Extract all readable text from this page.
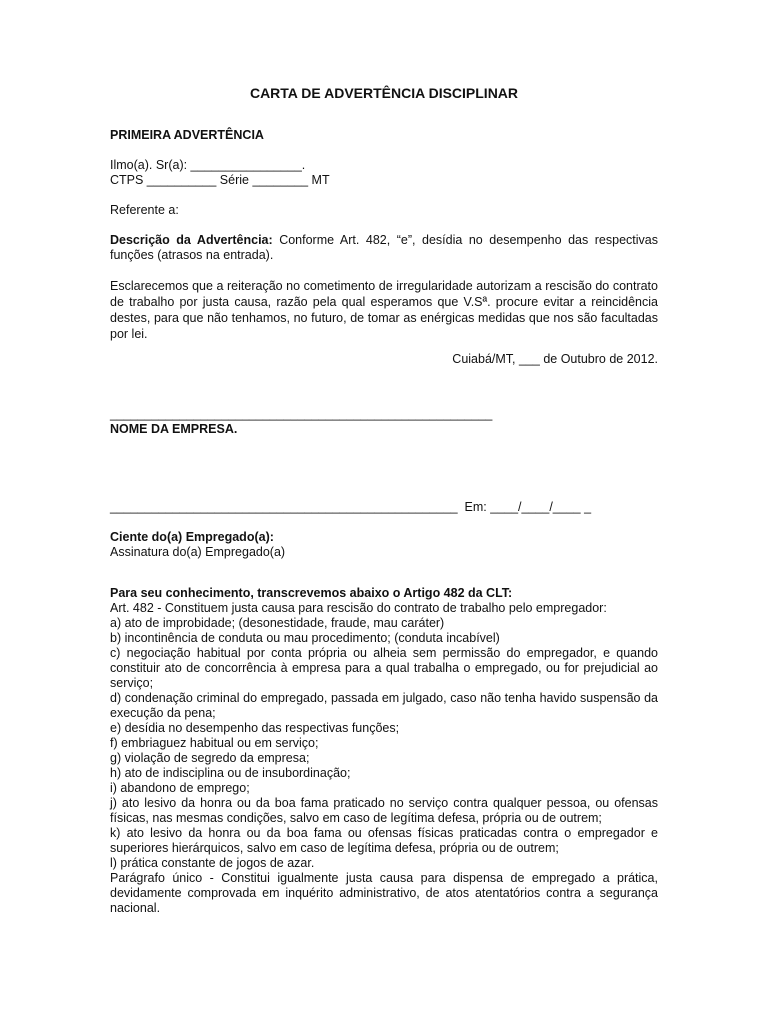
CARTA DE ADVERTÊNCIA DISCIPLINAR

PRIMEIRA ADVERTÊNCIA

Ilmo(a). Sr(a): ________________.

CTPS __________ Série ________ MT

Referente a:

Descrição da Advertência: Conforme Art. 482, “e”, desídia no desempenho das respectivas funções (atrasos na entrada).

Esclarecemos que a reiteração no cometimento de irregularidade autorizam a rescisão do contrato de trabalho por justa causa, razão pela qual esperamos que V.Sª. procure evitar a reincidência destes, para que não tenhamos, no futuro, de tomar as enérgicas medidas que nos são facultadas por lei.

Cuiabá/MT, ___ de Outubro de 2012.

_______________________________________________________

NOME DA EMPRESA.

__________________________________________________  Em: ____/____/____ _

Ciente do(a) Empregado(a):

Assinatura do(a) Empregado(a)

Para seu conhecimento, transcrevemos abaixo o Artigo 482 da CLT:

Art. 482 - Constituem justa causa para rescisão do contrato de trabalho pelo empregador:

a) ato de improbidade; (desonestidade, fraude, mau caráter)

b) incontinência de conduta ou mau procedimento; (conduta incabível)

c) negociação habitual por conta própria ou alheia sem permissão do empregador, e quando constituir ato de concorrência à empresa para a qual trabalha o empregado, ou for prejudicial ao serviço;

d) condenação criminal do empregado, passada em julgado, caso não tenha havido suspensão da execução da pena;

e) desídia no desempenho das respectivas funções;

f) embriaguez habitual ou em serviço;

g) violação de segredo da empresa;

h) ato de indisciplina ou de insubordinação;

i) abandono de emprego;

j) ato lesivo da honra ou da boa fama praticado no serviço contra qualquer pessoa, ou ofensas físicas, nas mesmas condições, salvo em caso de legítima defesa, própria ou de outrem;

k) ato lesivo da honra ou da boa fama ou ofensas físicas praticadas contra o empregador e superiores hierárquicos, salvo em caso de legítima defesa, própria ou de outrem;

l) prática constante de jogos de azar.

Parágrafo único - Constitui igualmente justa causa para dispensa de empregado a prática, devidamente comprovada em inquérito administrativo, de atos atentatórios contra a segurança nacional.
